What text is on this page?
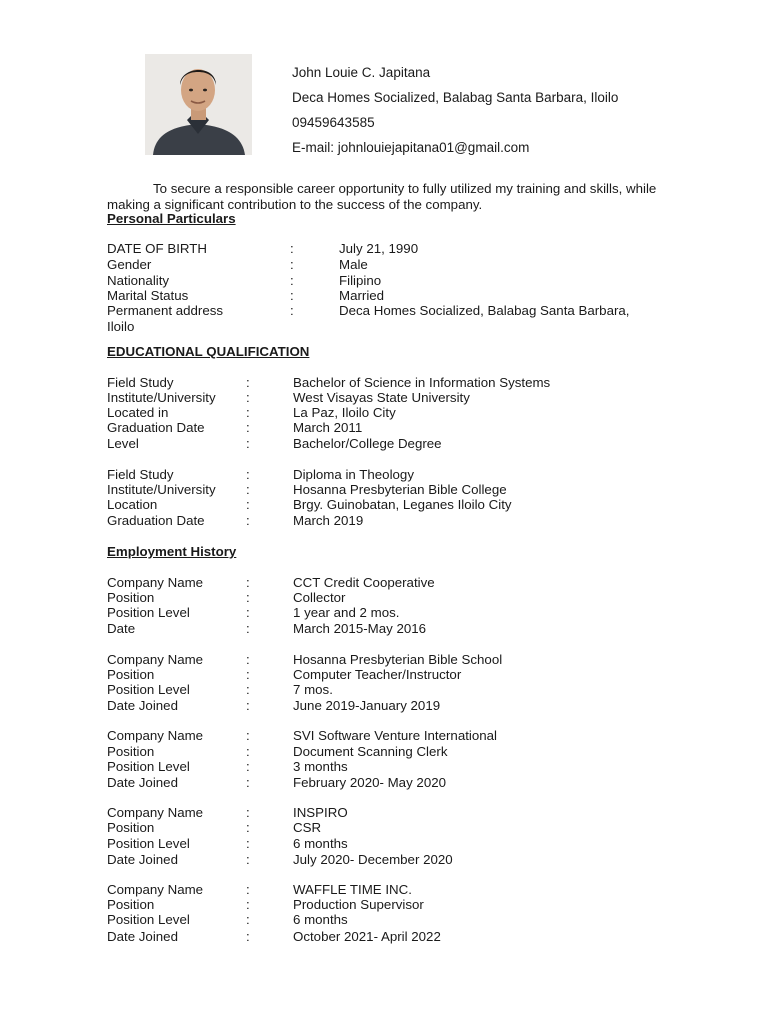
John Louie C. Japitana
Deca Homes Socialized, Balabag Santa Barbara, Iloilo
09459643585
E-mail: johnlouiejapitana01@gmail.com
To secure a responsible career opportunity to fully utilized my training and skills, while making a significant contribution to the success of the company.
Personal Particulars
DATE OF BIRTH	:	July 21, 1990
Gender	:	Male
Nationality	:	Filipino
Marital Status	:	Married
Permanent address	:	Deca Homes Socialized, Balabag Santa Barbara,
Iloilo
EDUCATIONAL QUALIFICATION
Field Study	:	Bachelor of Science in Information Systems
Institute/University :	West Visayas State University
Located in	:	La Paz, Iloilo City
Graduation Date	:	March 2011
Level	:	Bachelor/College Degree
Field Study	:	Diploma in Theology
Institute/University :	Hosanna Presbyterian Bible College
Location	:	Brgy. Guinobatan, Leganes Iloilo City
Graduation Date	:	March 2019
Employment History
Company Name	:	CCT Credit Cooperative
Position	:	Collector
Position Level	:	1 year and 2 mos.
Date	:	March 2015-May 2016
Company Name	:	Hosanna Presbyterian Bible School
Position	:	Computer Teacher/Instructor
Position Level	:	7 mos.
Date Joined	:	June 2019-January 2019
Company Name	:	SVI Software Venture International
Position	:	Document Scanning Clerk
Position Level	:	3 months
Date Joined	:	February 2020- May 2020
Company Name	:	INSPIRO
Position	:	CSR
Position Level	:	6 months
Date Joined	:	July 2020- December 2020
Company Name	:	WAFFLE TIME INC.
Position	:	Production Supervisor
Position Level	:	6 months
Date Joined	:	October 2021- April 2022
